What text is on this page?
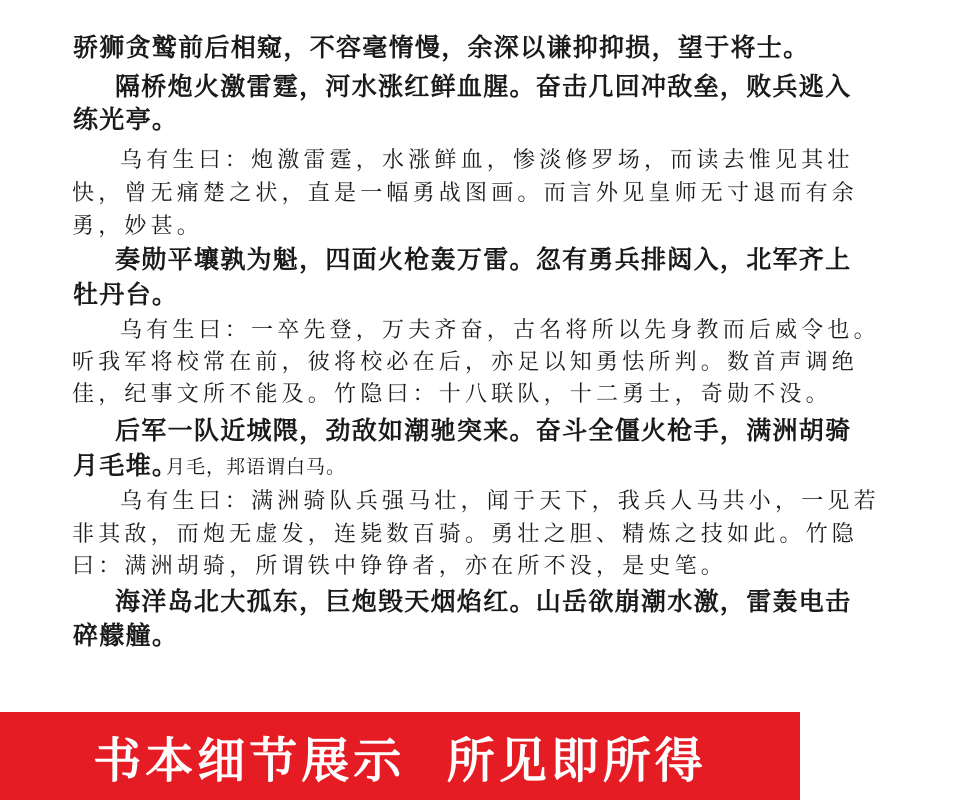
骄狮贪鹫前后相窥，不容毫惰慢，余深以谦抑抑损，望于将士。
隔桥炮火激雷霆，河水涨红鲜血腥。奋击几回冲敌垒，败兵逃入
练光亭。
乌有生曰：炮激雷霆，水涨鲜血，惨淡修罗场，而读去惟见其壮
快，曾无痛楚之状，直是一幅勇战图画。而言外见皇师无寸退而有余
勇，妙甚。
奏勋平壤孰为魁，四面火枪轰万雷。忽有勇兵排闼入，北军齐上
牡丹台。
乌有生曰：一卒先登，万夫齐奋，古名将所以先身教而后威令也。
听我军将校常在前，彼将校必在后，亦足以知勇怯所判。数首声调绝
佳，纪事文所不能及。竹隐曰：十八联队，十二勇士，奇勋不没。
后军一队近城隈，劲敌如潮驰突来。奋斗全僵火枪手，满洲胡骑
月毛堆。
月毛，邦语谓白马。
乌有生曰：满洲骑队兵强马壮，闻于天下，我兵人马共小，一见若
非其敌，而炮无虚发，连毙数百骑。勇壮之胆、精炼之技如此。竹隐
曰：满洲胡骑，所谓铁中铮铮者，亦在所不没，是史笔。
海洋岛北大孤东，巨炮毁天烟焰红。山岳欲崩潮水激，雷轰电击
碎艨艟。
书本细节展示  所见即所得
